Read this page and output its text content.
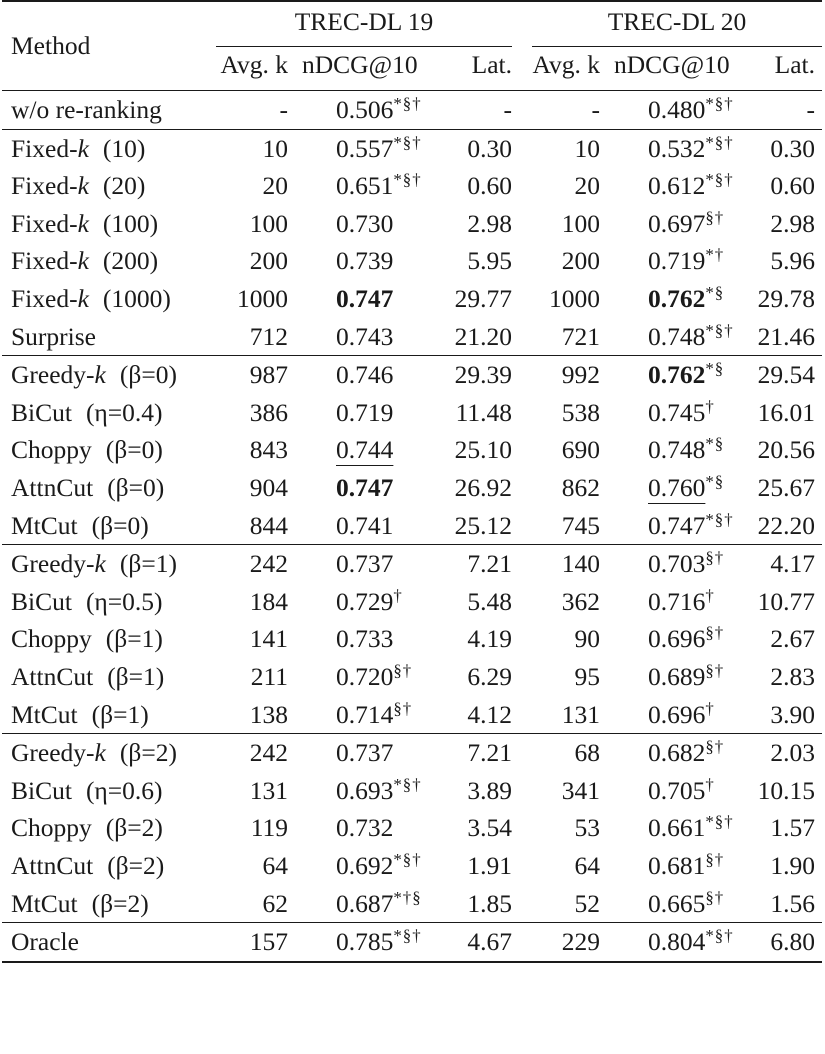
Method	TREC-DL 19			TREC-DL 20		

	Avg. k	nDCG@10	Lat.	Avg. k	nDCG@10	Lat.
w/o re-ranking	-	0.506*§†	-	-	0.480*§†	-
Fixed-k (10)	10	0.557*§†	0.30	10	0.532*§†	0.30
Fixed-k (20)	20	0.651*§†	0.60	20	0.612*§†	0.60
Fixed-k (100)	100	0.730	2.98	100	0.697§†	2.98
Fixed-k (200)	200	0.739	5.95	200	0.719*†	5.96
Fixed-k (1000)	1000	0.747	29.77	1000	0.762*§	29.78
Surprise	712	0.743	21.20	721	0.748*§†	21.46
Greedy-k (β=0)	987	0.746	29.39	992	0.762*§	29.54
BiCut (η=0.4)	386	0.719	11.48	538	0.745†	16.01
Choppy (β=0)	843	0.744	25.10	690	0.748*§	20.56
AttnCut (β=0)	904	0.747	26.92	862	0.760*§	25.67
MtCut (β=0)	844	0.741	25.12	745	0.747*§†	22.20
Greedy-k (β=1)	242	0.737	7.21	140	0.703§†	4.17
BiCut (η=0.5)	184	0.729†	5.48	362	0.716†	10.77
Choppy (β=1)	141	0.733	4.19	90	0.696§†	2.67
AttnCut (β=1)	211	0.720§†	6.29	95	0.689§†	2.83
MtCut (β=1)	138	0.714§†	4.12	131	0.696†	3.90
Greedy-k (β=2)	242	0.737	7.21	68	0.682§†	2.03
BiCut (η=0.6)	131	0.693*§†	3.89	341	0.705†	10.15
Choppy (β=2)	119	0.732	3.54	53	0.661*§†	1.57
AttnCut (β=2)	64	0.692*§†	1.91	64	0.681§†	1.90
MtCut (β=2)	62	0.687*†§	1.85	52	0.665§†	1.56
Oracle	157	0.785*§†	4.67	229	0.804*§†	6.80
